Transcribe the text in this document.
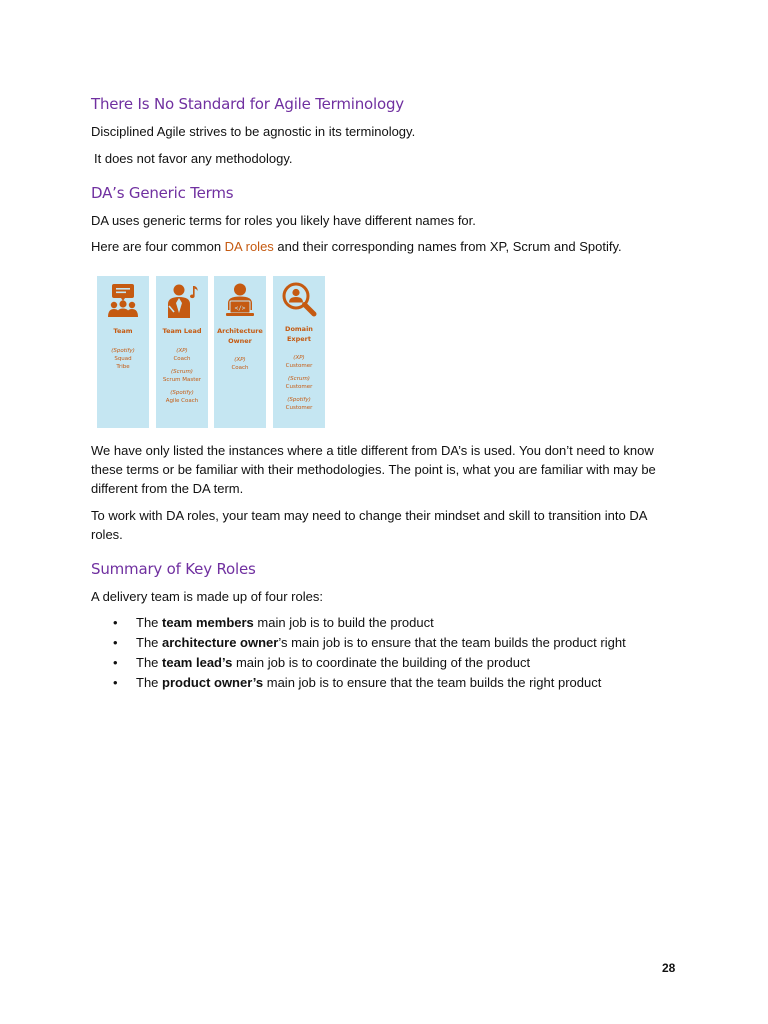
There Is No Standard for Agile Terminology

Disciplined Agile strives to be agnostic in its terminology.

It does not favor any methodology.

DA’s Generic Terms

DA uses generic terms for roles you likely have different names for.

Here are four common DA roles and their corresponding names from XP, Scrum and Spotify.

Team
(Spotify)
Squad
Tribe
Team Lead
(XP)
Coach
(Scrum)
Scrum Master
(Spotify)
Agile Coach
</>
Architecture Owner
(XP)
Coach
Domain Expert
(XP)
Customer
(Scrum)
Customer
(Spotify)
Customer

We have only listed the instances where a title different from DA’s is used. You don’t need to know these terms or be familiar with their methodologies. The point is, what you are familiar with may be different from the DA term.

To work with DA roles, your team may need to change their mindset and skill to transition into DA roles.

Summary of Key Roles

A delivery team is made up of four roles:

• The team members main job is to build the product
• The architecture owner’s main job is to ensure that the team builds the product right
• The team lead’s main job is to coordinate the building of the product
• The product owner’s main job is to ensure that the team builds the right product
28
